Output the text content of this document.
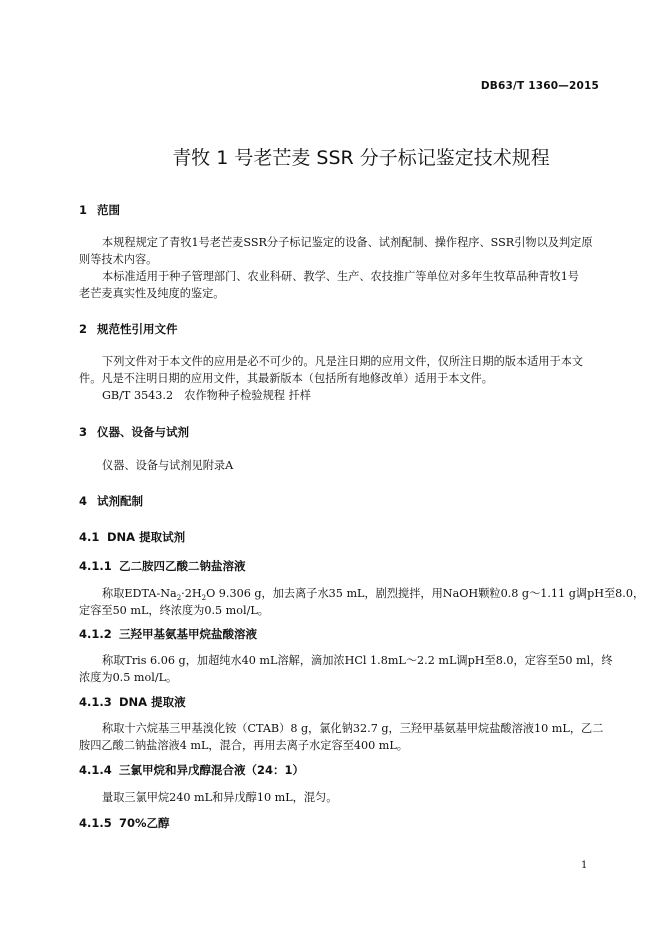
DB63/T 1360—2015
青牧 1 号老芒麦 SSR 分子标记鉴定技术规程
1 范围
本规程规定了青牧1号老芒麦SSR分子标记鉴定的设备、试剂配制、操作程序、SSR引物以及判定原
则等技术内容。
本标准适用于种子管理部门、农业科研、教学、生产、农技推广等单位对多年生牧草品种青牧1号
老芒麦真实性及纯度的鉴定。
2 规范性引用文件
下列文件对于本文件的应用是必不可少的。凡是注日期的应用文件，仅所注日期的版本适用于本文
件。凡是不注明日期的应用文件，其最新版本（包括所有地修改单）适用于本文件。
GB/T 3543.2　农作物种子检验规程 扦样
3 仪器、设备与试剂
仪器、设备与试剂见附录A
4 试剂配制
4.1 DNA 提取试剂
4.1.1 乙二胺四乙酸二钠盐溶液
称取EDTA-$Na_2\cdot 2H_2O$ 9.306 g，加去离子水35 mL，剧烈搅拌，用NaOH颗粒0.8 g～1.11 g调pH至8.0，
定容至50 mL，终浓度为0.5 mol/L。
4.1.2 三羟甲基氨基甲烷盐酸溶液
称取Tris 6.06 g，加超纯水40 mL溶解，滴加浓HCl 1.8mL～2.2 mL调pH至8.0，定容至50 ml，终
浓度为0.5 mol/L。
4.1.3 DNA 提取液
称取十六烷基三甲基溴化铵（CTAB）8 g，氯化钠32.7 g，三羟甲基氨基甲烷盐酸溶液10 mL，乙二
胺四乙酸二钠盐溶液4 mL，混合，再用去离子水定容至400 mL。
4.1.4 三氯甲烷和异戊醇混合液（24：1）
量取三氯甲烷240 mL和异戊醇10 mL，混匀。
4.1.5 70%乙醇
1
